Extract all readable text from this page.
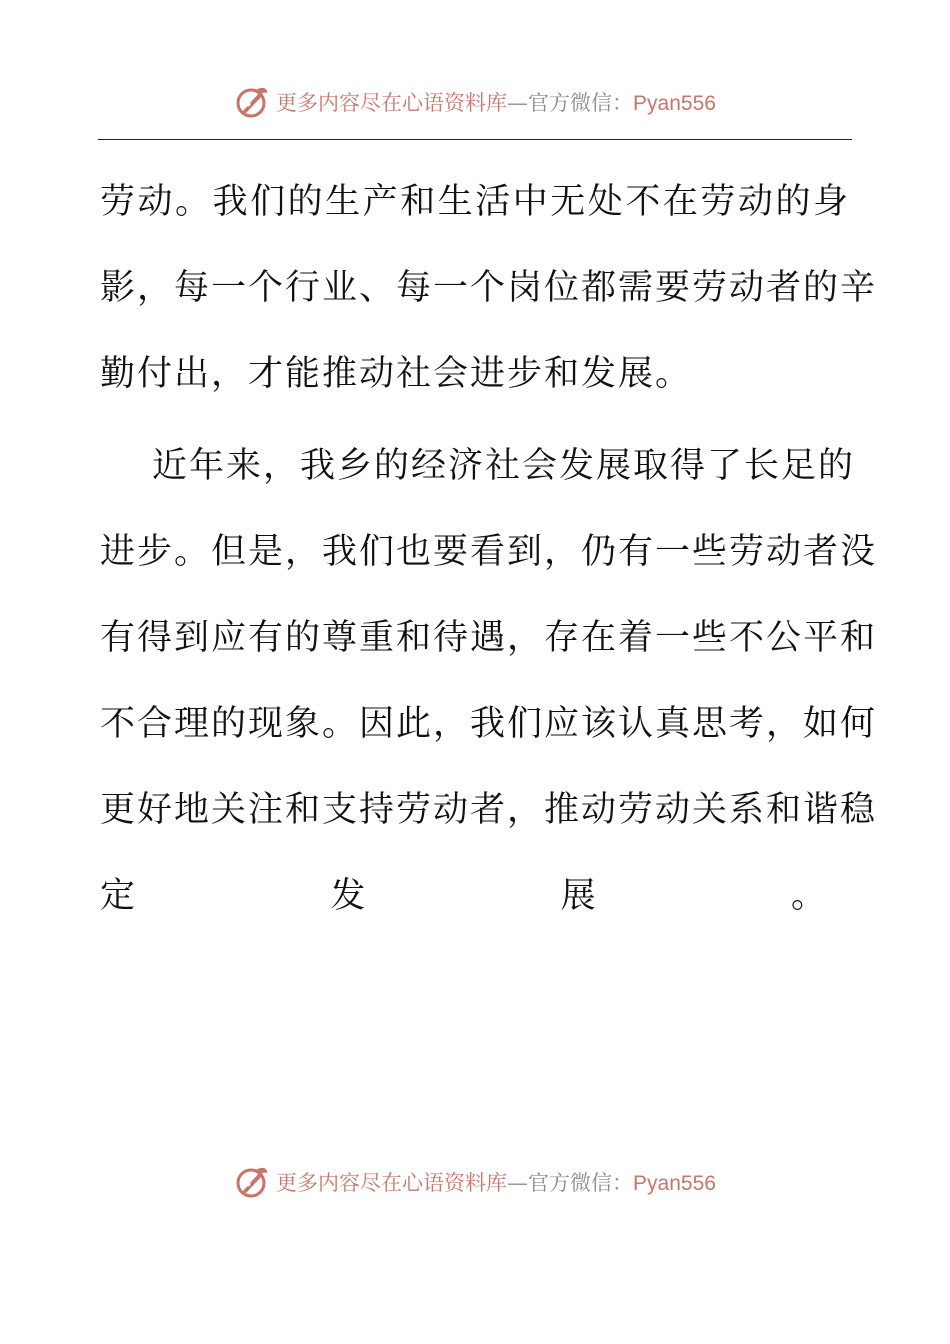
更多内容尽在心语资料库—官方微信：Pyan556
劳动。我们的生产和生活中无处不在劳动的身
影，每一个行业、每一个岗位都需要劳动者的辛
勤付出，才能推动社会进步和发展。
近年来，我乡的经济社会发展取得了长足的
进步。但是，我们也要看到，仍有一些劳动者没
有得到应有的尊重和待遇，存在着一些不公平和
不合理的现象。因此，我们应该认真思考，如何
更好地关注和支持劳动者，推动劳动关系和谐稳
定	发	展	。
更多内容尽在心语资料库—官方微信：Pyan556
